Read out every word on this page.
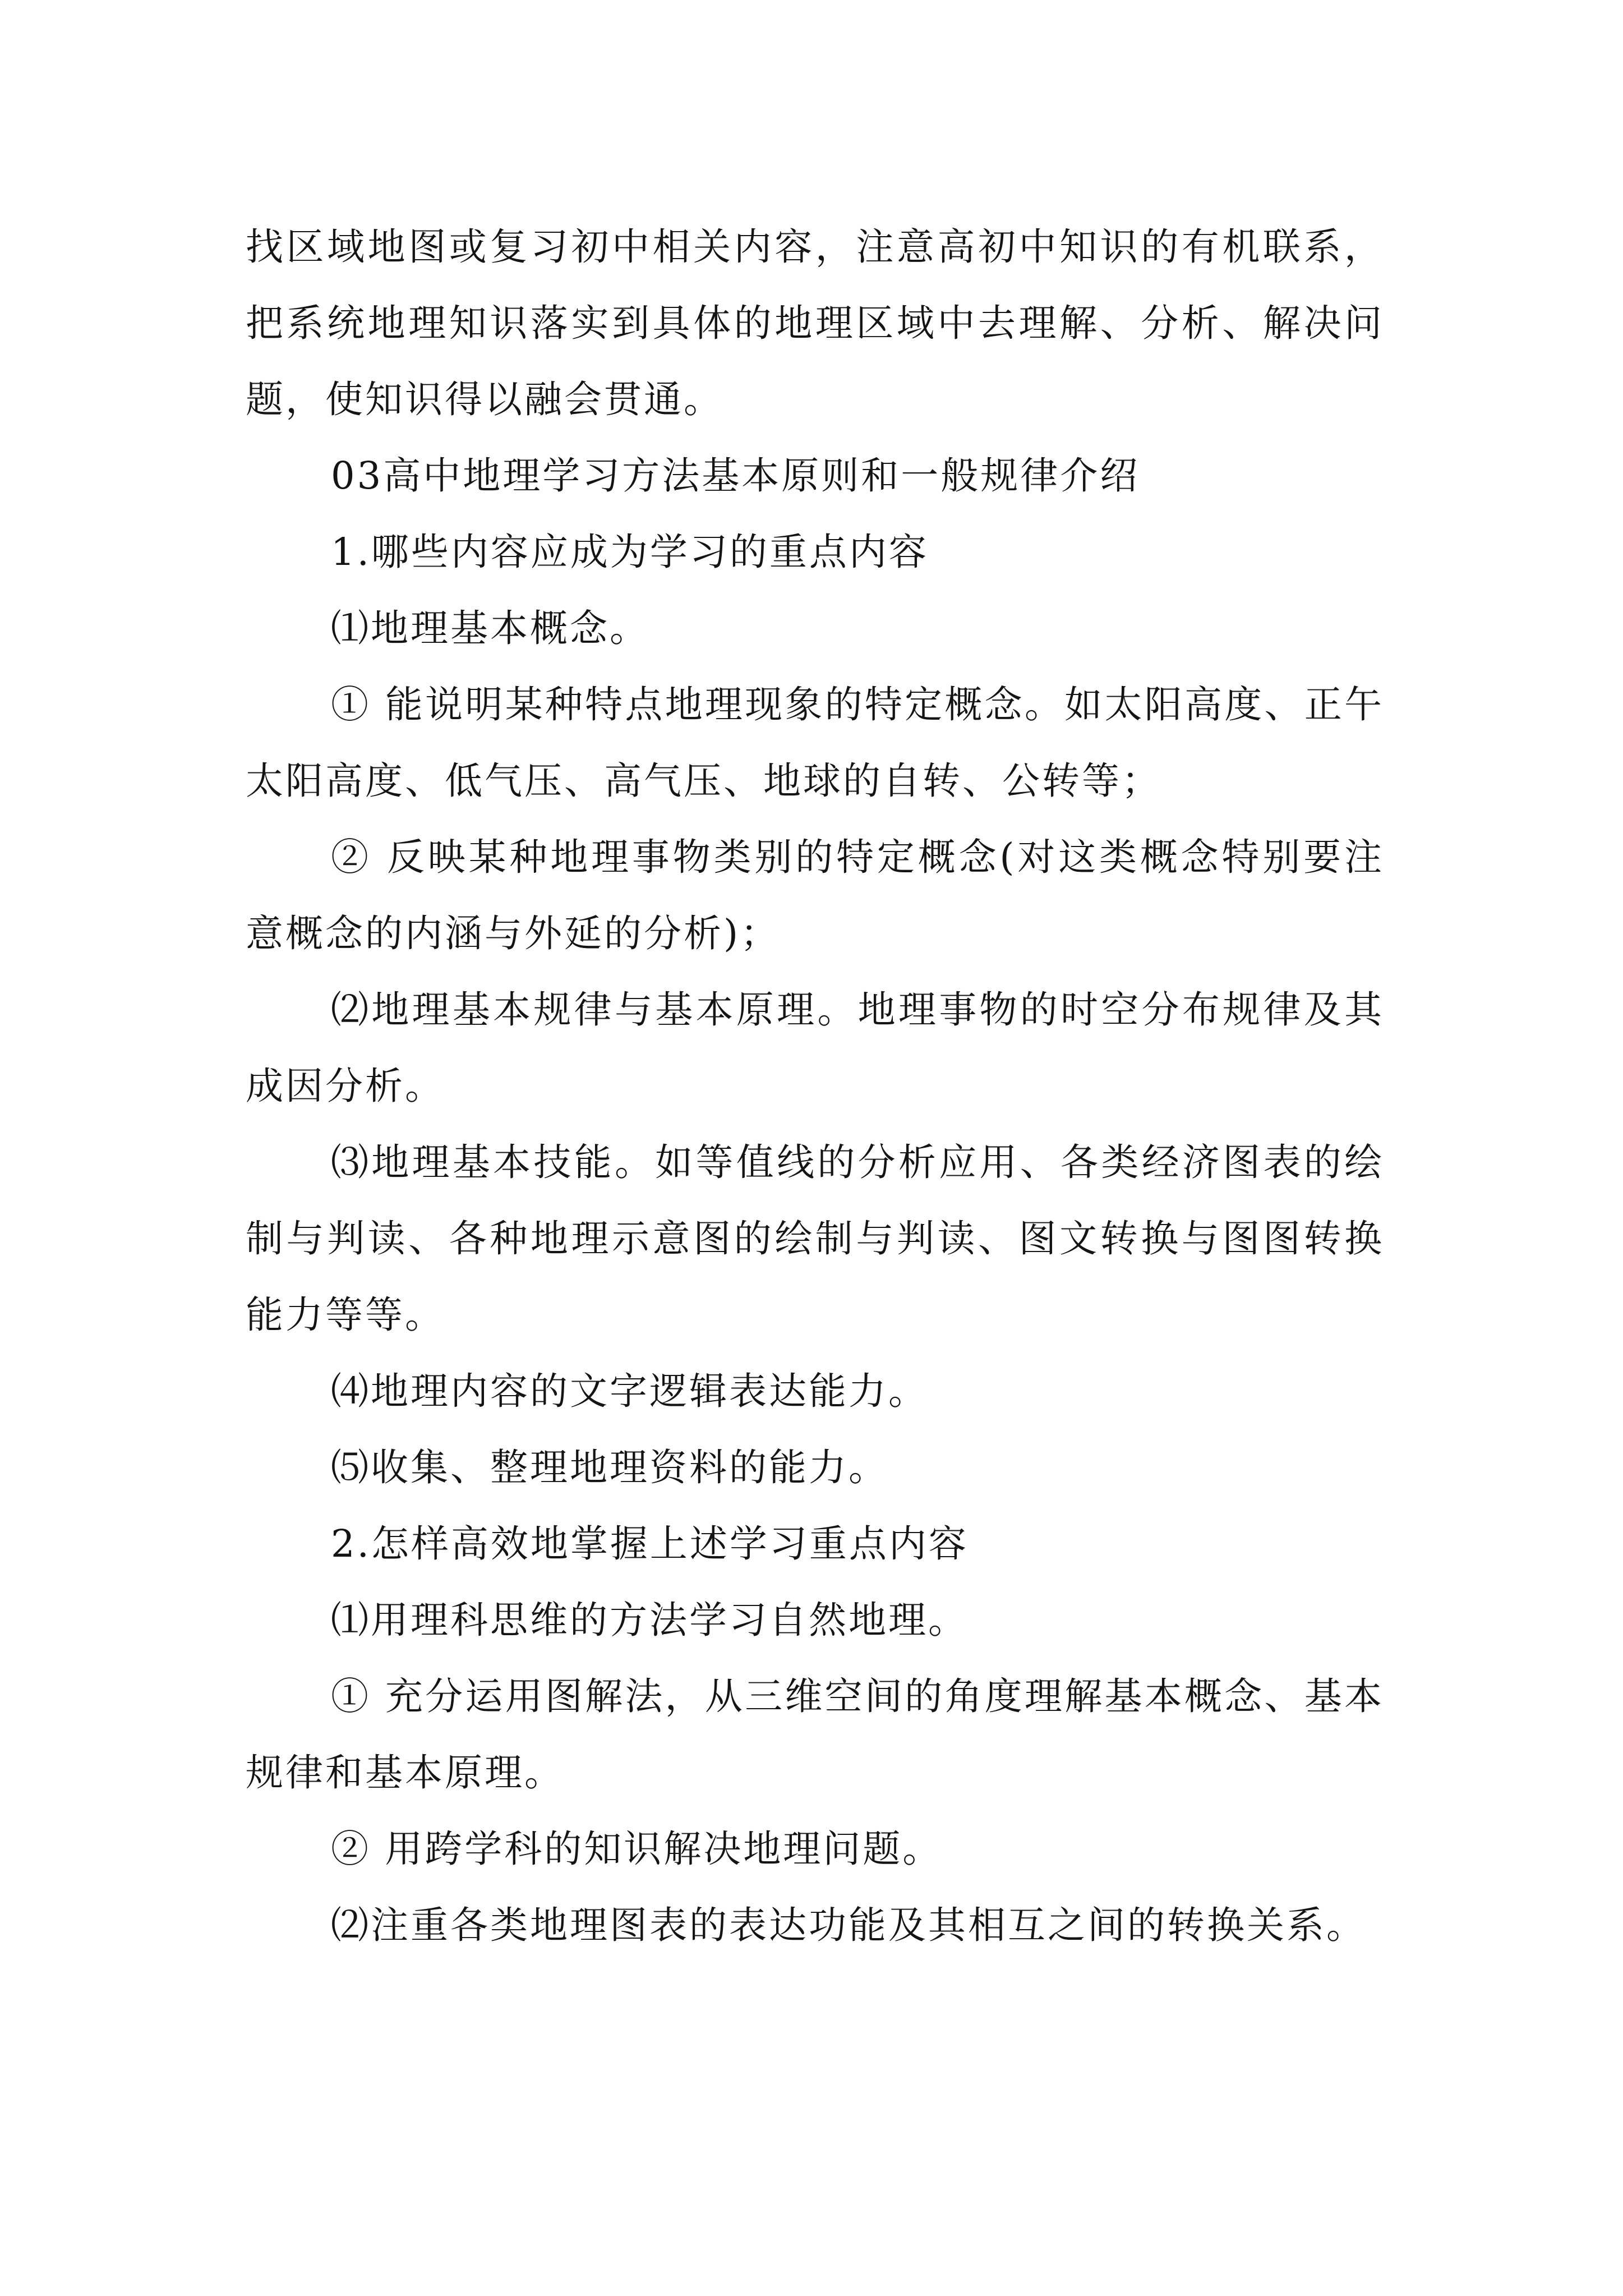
找区域地图或复习初中相关内容，注意高初中知识的有机联系，把系统地理知识落实到具体的地理区域中去理解、分析、解决问题，使知识得以融会贯通。

03高中地理学习方法基本原则和一般规律介绍

1.哪些内容应成为学习的重点内容

⑴地理基本概念。

① 能说明某种特点地理现象的特定概念。如太阳高度、正午太阳高度、低气压、高气压、地球的自转、公转等；

② 反映某种地理事物类别的特定概念(对这类概念特别要注意概念的内涵与外延的分析)；

⑵地理基本规律与基本原理。地理事物的时空分布规律及其成因分析。

⑶地理基本技能。如等值线的分析应用、各类经济图表的绘制与判读、各种地理示意图的绘制与判读、图文转换与图图转换能力等等。

⑷地理内容的文字逻辑表达能力。

⑸收集、整理地理资料的能力。

2.怎样高效地掌握上述学习重点内容

⑴用理科思维的方法学习自然地理。

① 充分运用图解法，从三维空间的角度理解基本概念、基本规律和基本原理。

② 用跨学科的知识解决地理问题。

⑵注重各类地理图表的表达功能及其相互之间的转换关系。
